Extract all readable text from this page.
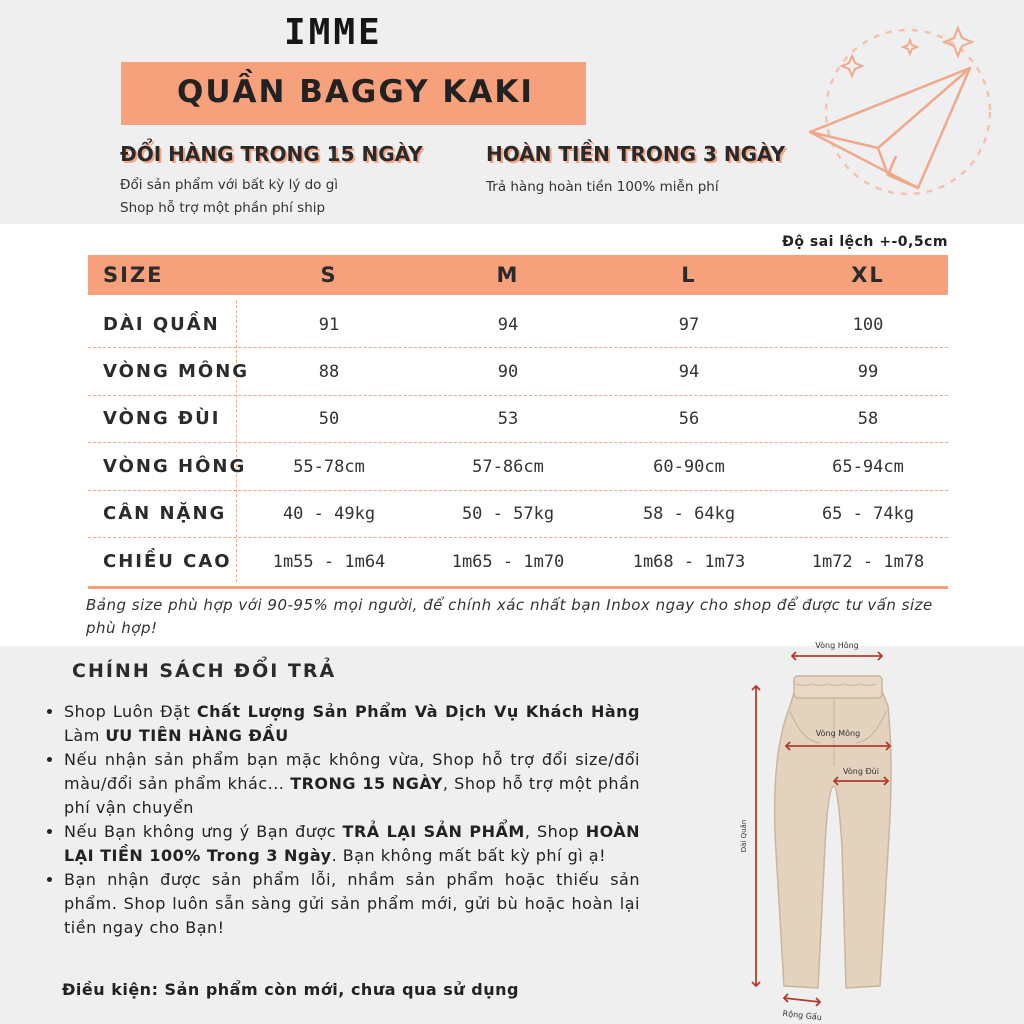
IMME
QUẦN BAGGY KAKI
ĐỔI HÀNG TRONG 15 NGÀY
Đổi sản phẩm với bất kỳ lý do gì
Shop hỗ trợ một phần phí ship
HOÀN TIỀN TRONG 3 NGÀY
Trả hàng hoàn tiền 100% miễn phí
Độ sai lệch +-0,5cm
SIZE	S	M	L	XL
DÀI QUẦN	91	94	97	100
VÒNG MÔNG	88	90	94	99
VÒNG ĐÙI	50	53	56	58
VÒNG HÔNG	55-78cm	57-86cm	60-90cm	65-94cm
CÂN NẶNG	40 - 49kg	50 - 57kg	58 - 64kg	65 - 74kg
CHIỀU CAO 1m55 - 1m64	1m65 - 1m70	1m68 - 1m73	1m72 - 1m78
Bảng size phù hợp với 90-95% mọi người, để chính xác nhất bạn Inbox ngay cho shop để được tư vấn size phù hợp!
CHÍNH SÁCH ĐỔI TRẢ
• Shop Luôn Đặt Chất Lượng Sản Phẩm Và Dịch Vụ Khách Hàng Làm ƯU TIÊN HÀNG ĐẦU
• Nếu nhận sản phẩm bạn mặc không vừa, Shop hỗ trợ đổi size/đổi màu/đổi sản phẩm khác... TRONG 15 NGÀY, Shop hỗ trợ một phần phí vận chuyển
• Nếu Bạn không ưng ý Bạn được TRẢ LẠI SẢN PHẨM, Shop HOÀN LẠI TIỀN 100% Trong 3 Ngày. Bạn không mất bất kỳ phí gì ạ!
• Bạn nhận được sản phẩm lỗi, nhầm sản phẩm hoặc thiếu sản phẩm. Shop luôn sẵn sàng gửi sản phẩm mới, gửi bù hoặc hoàn lại tiền ngay cho Bạn!
Điều kiện: Sản phẩm còn mới, chưa qua sử dụng
Vòng Hông
Vòng Mông
Vòng Đùi
Dài Quần
Rộng Gấu
